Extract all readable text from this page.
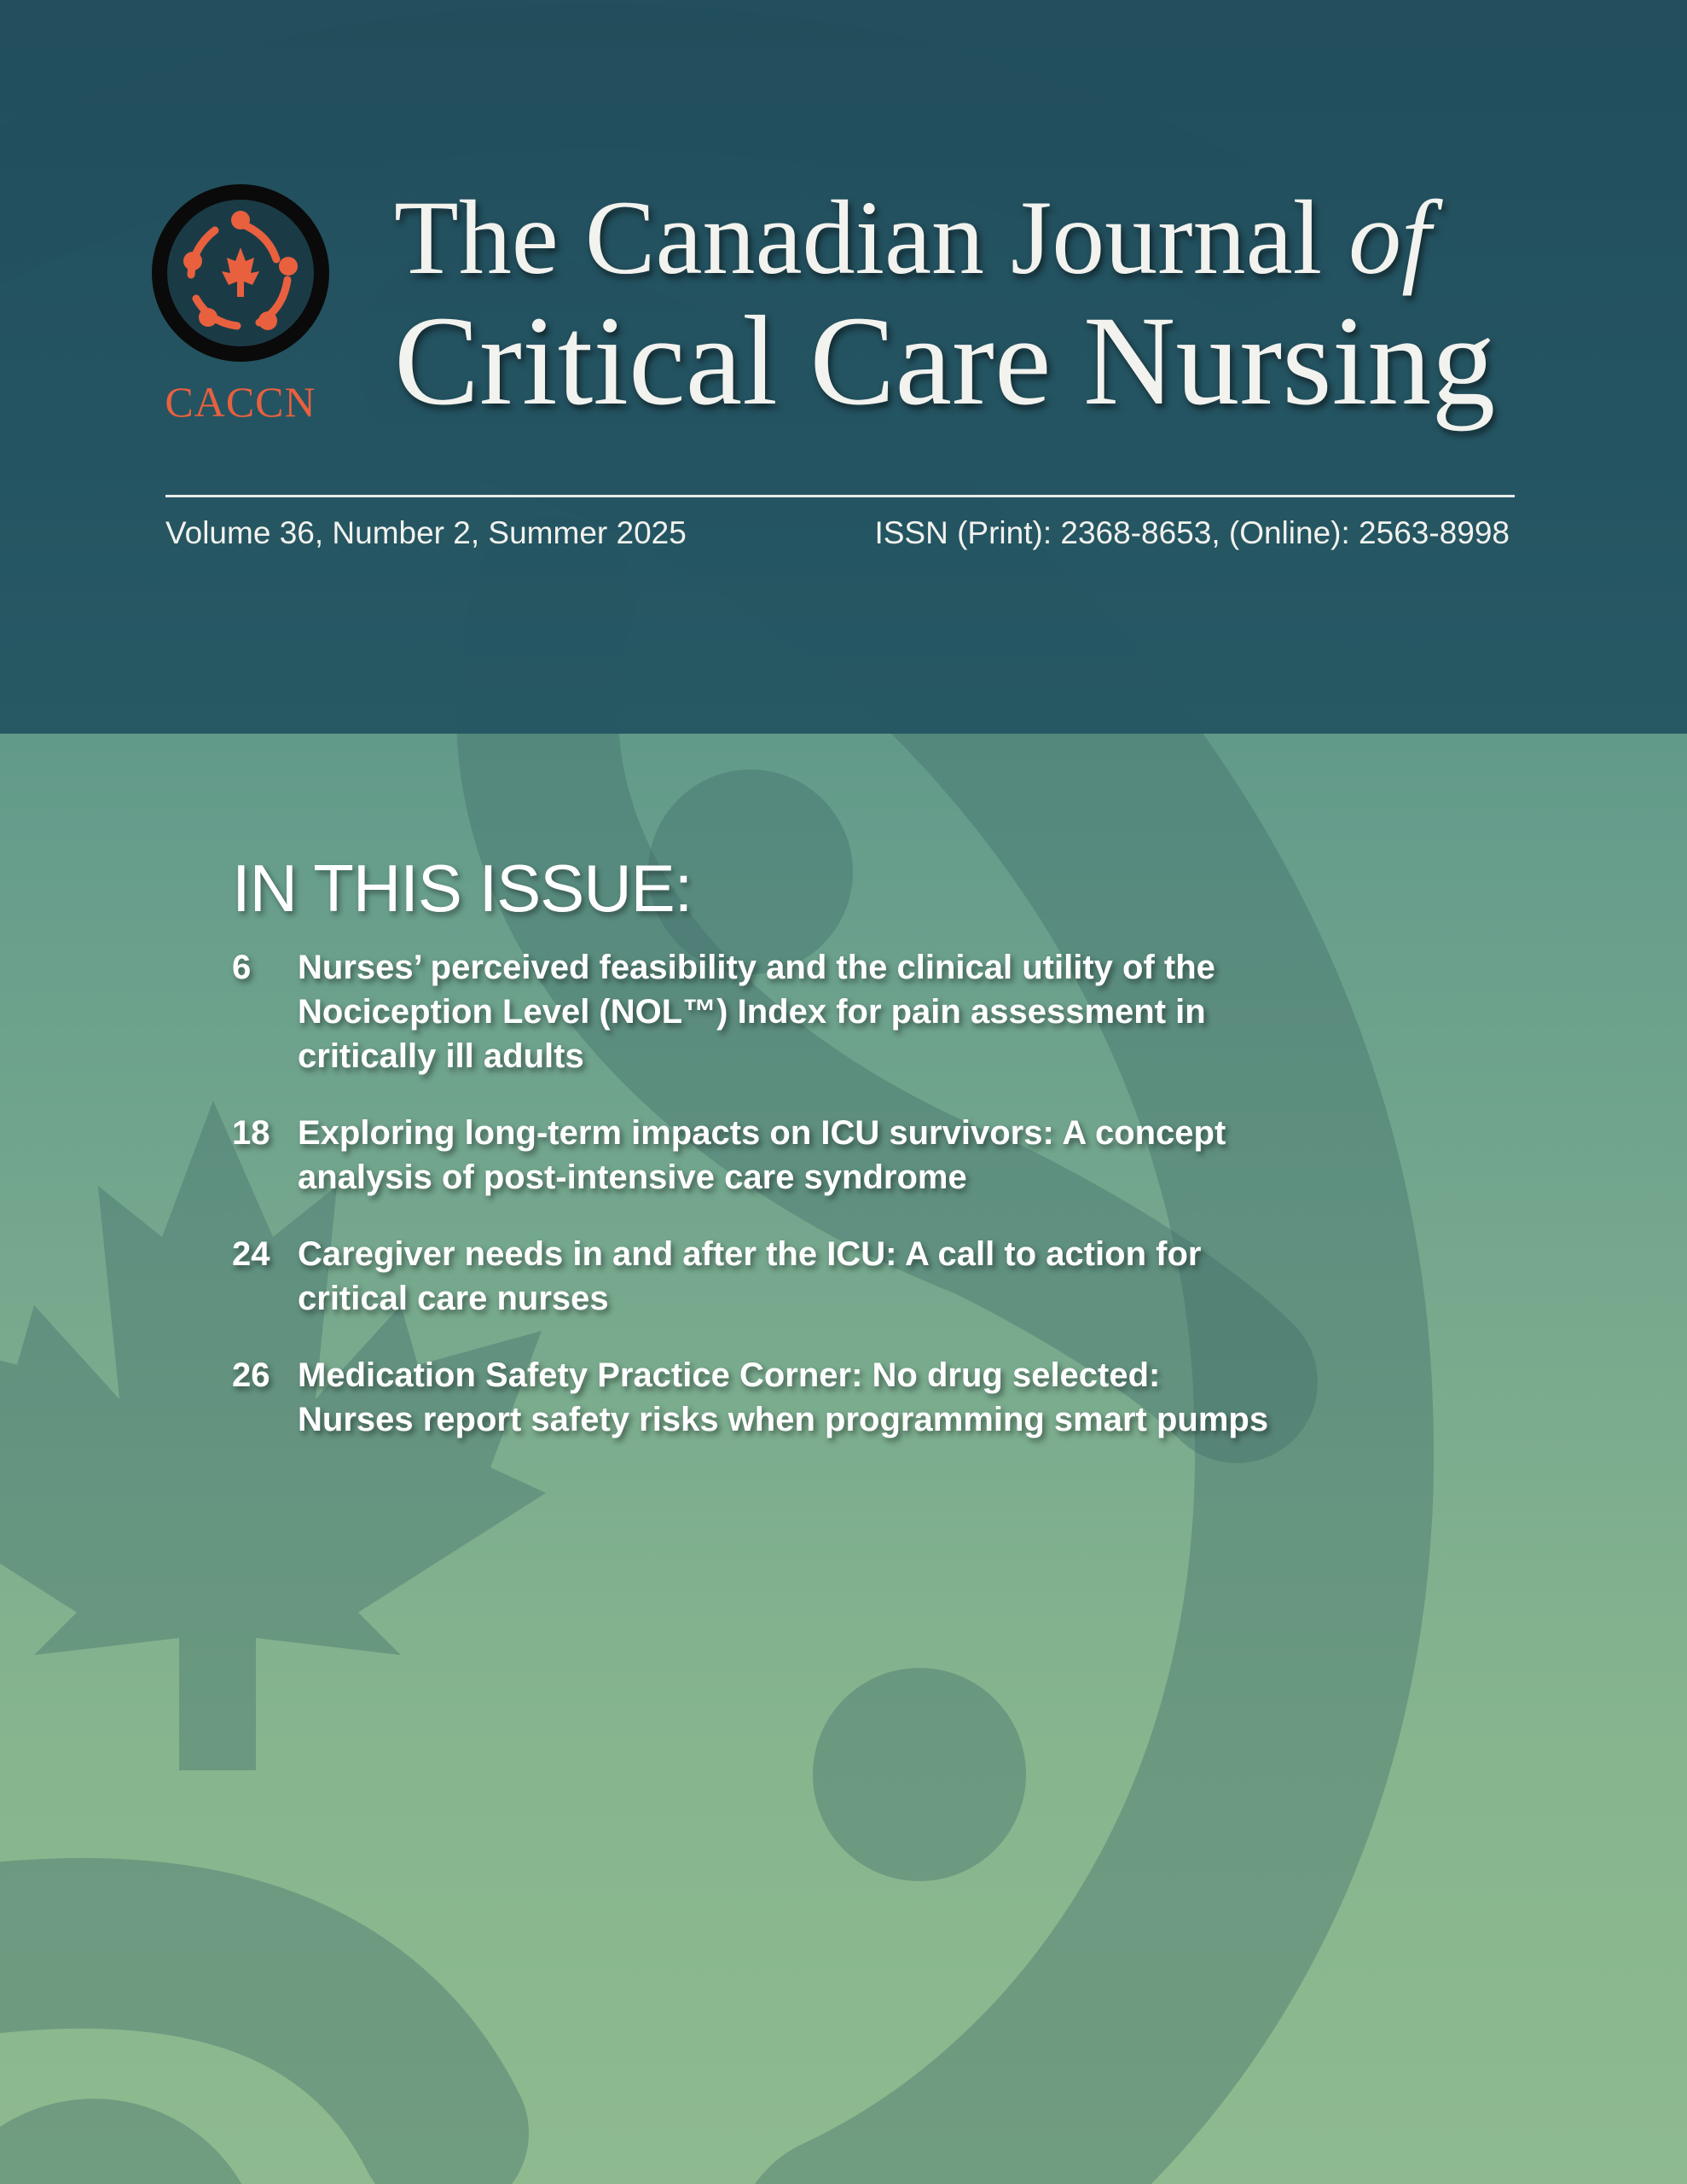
CACCN
The Canadian Journal of
Critical Care Nursing
Volume 36, Number 2, Summer 2025	ISSN (Print): 2368-8653, (Online): 2563-8998
IN THIS ISSUE:
6 Nurses’ perceived feasibility and the clinical utility of the Nociception Level (NOL™) Index for pain assessment in critically ill adults
18 Exploring long-term impacts on ICU survivors: A concept analysis of post-intensive care syndrome
24 Caregiver needs in and after the ICU: A call to action for critical care nurses
26 Medication Safety Practice Corner: No drug selected: Nurses report safety risks when programming smart pumps
